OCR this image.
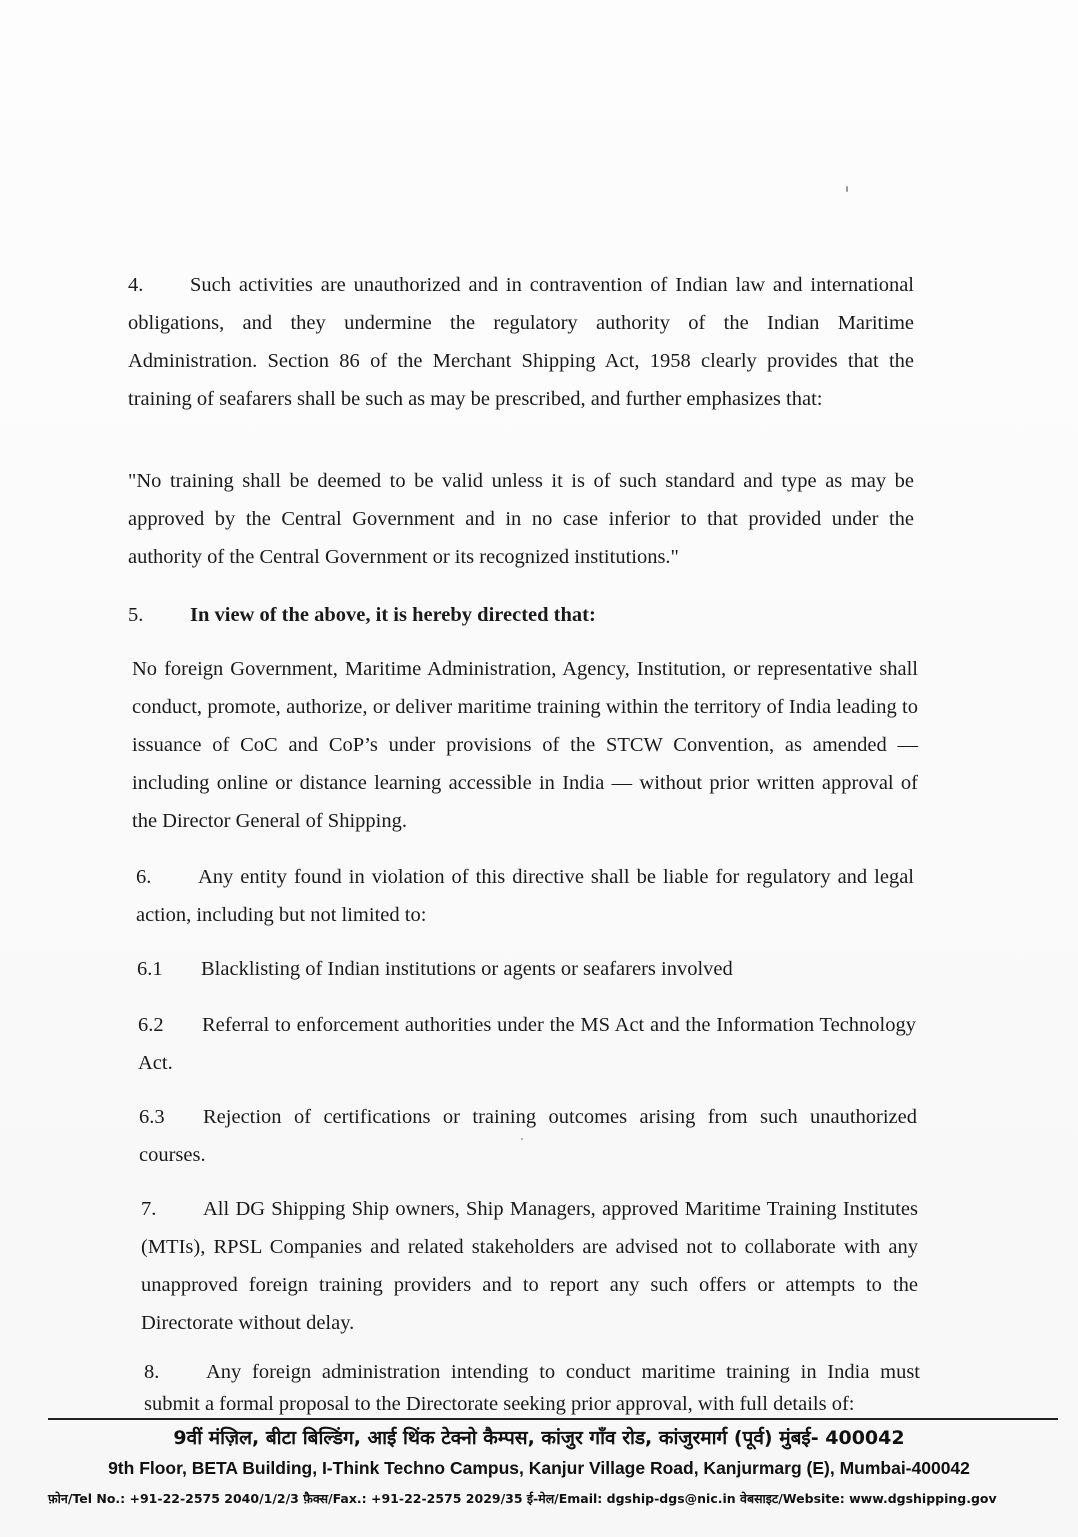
4. Such activities are unauthorized and in contravention of Indian law and international obligations, and they undermine the regulatory authority of the Indian Maritime Administration. Section 86 of the Merchant Shipping Act, 1958 clearly provides that the training of seafarers shall be such as may be prescribed, and further emphasizes that:

"No training shall be deemed to be valid unless it is of such standard and type as may be approved by the Central Government and in no case inferior to that provided under the authority of the Central Government or its recognized institutions."

5. In view of the above, it is hereby directed that:

No foreign Government, Maritime Administration, Agency, Institution, or representative shall conduct, promote, authorize, or deliver maritime training within the territory of India leading to issuance of CoC and CoP’s under provisions of the STCW Convention, as amended — including online or distance learning accessible in India — without prior written approval of the Director General of Shipping.

6. Any entity found in violation of this directive shall be liable for regulatory and legal action, including but not limited to:

6.1 Blacklisting of Indian institutions or agents or seafarers involved

6.2 Referral to enforcement authorities under the MS Act and the Information Technology Act.

6.3 Rejection of certifications or training outcomes arising from such unauthorized courses.

7. All DG Shipping Ship owners, Ship Managers, approved Maritime Training Institutes (MTIs), RPSL Companies and related stakeholders are advised not to collaborate with any unapproved foreign training providers and to report any such offers or attempts to the Directorate without delay.

8. Any foreign administration intending to conduct maritime training in India must submit a formal proposal to the Directorate seeking prior approval, with full details of:

9वीं मंज़िल, बीटा बिल्डिंग, आई थिंक टेक्नो कैम्पस, कांजुर गाँव रोड, कांजुरमार्ग (पूर्व) मुंबई- 400042
9th Floor, BETA Building, I-Think Techno Campus, Kanjur Village Road, Kanjurmarg (E), Mumbai-400042
फ़ोन/Tel No.: +91-22-2575 2040/1/2/3 फ़ैक्स/Fax.: +91-22-2575 2029/35 ई-मेल/Email: dgship-dgs@nic.in वेबसाइट/Website: www.dgshipping.gov
